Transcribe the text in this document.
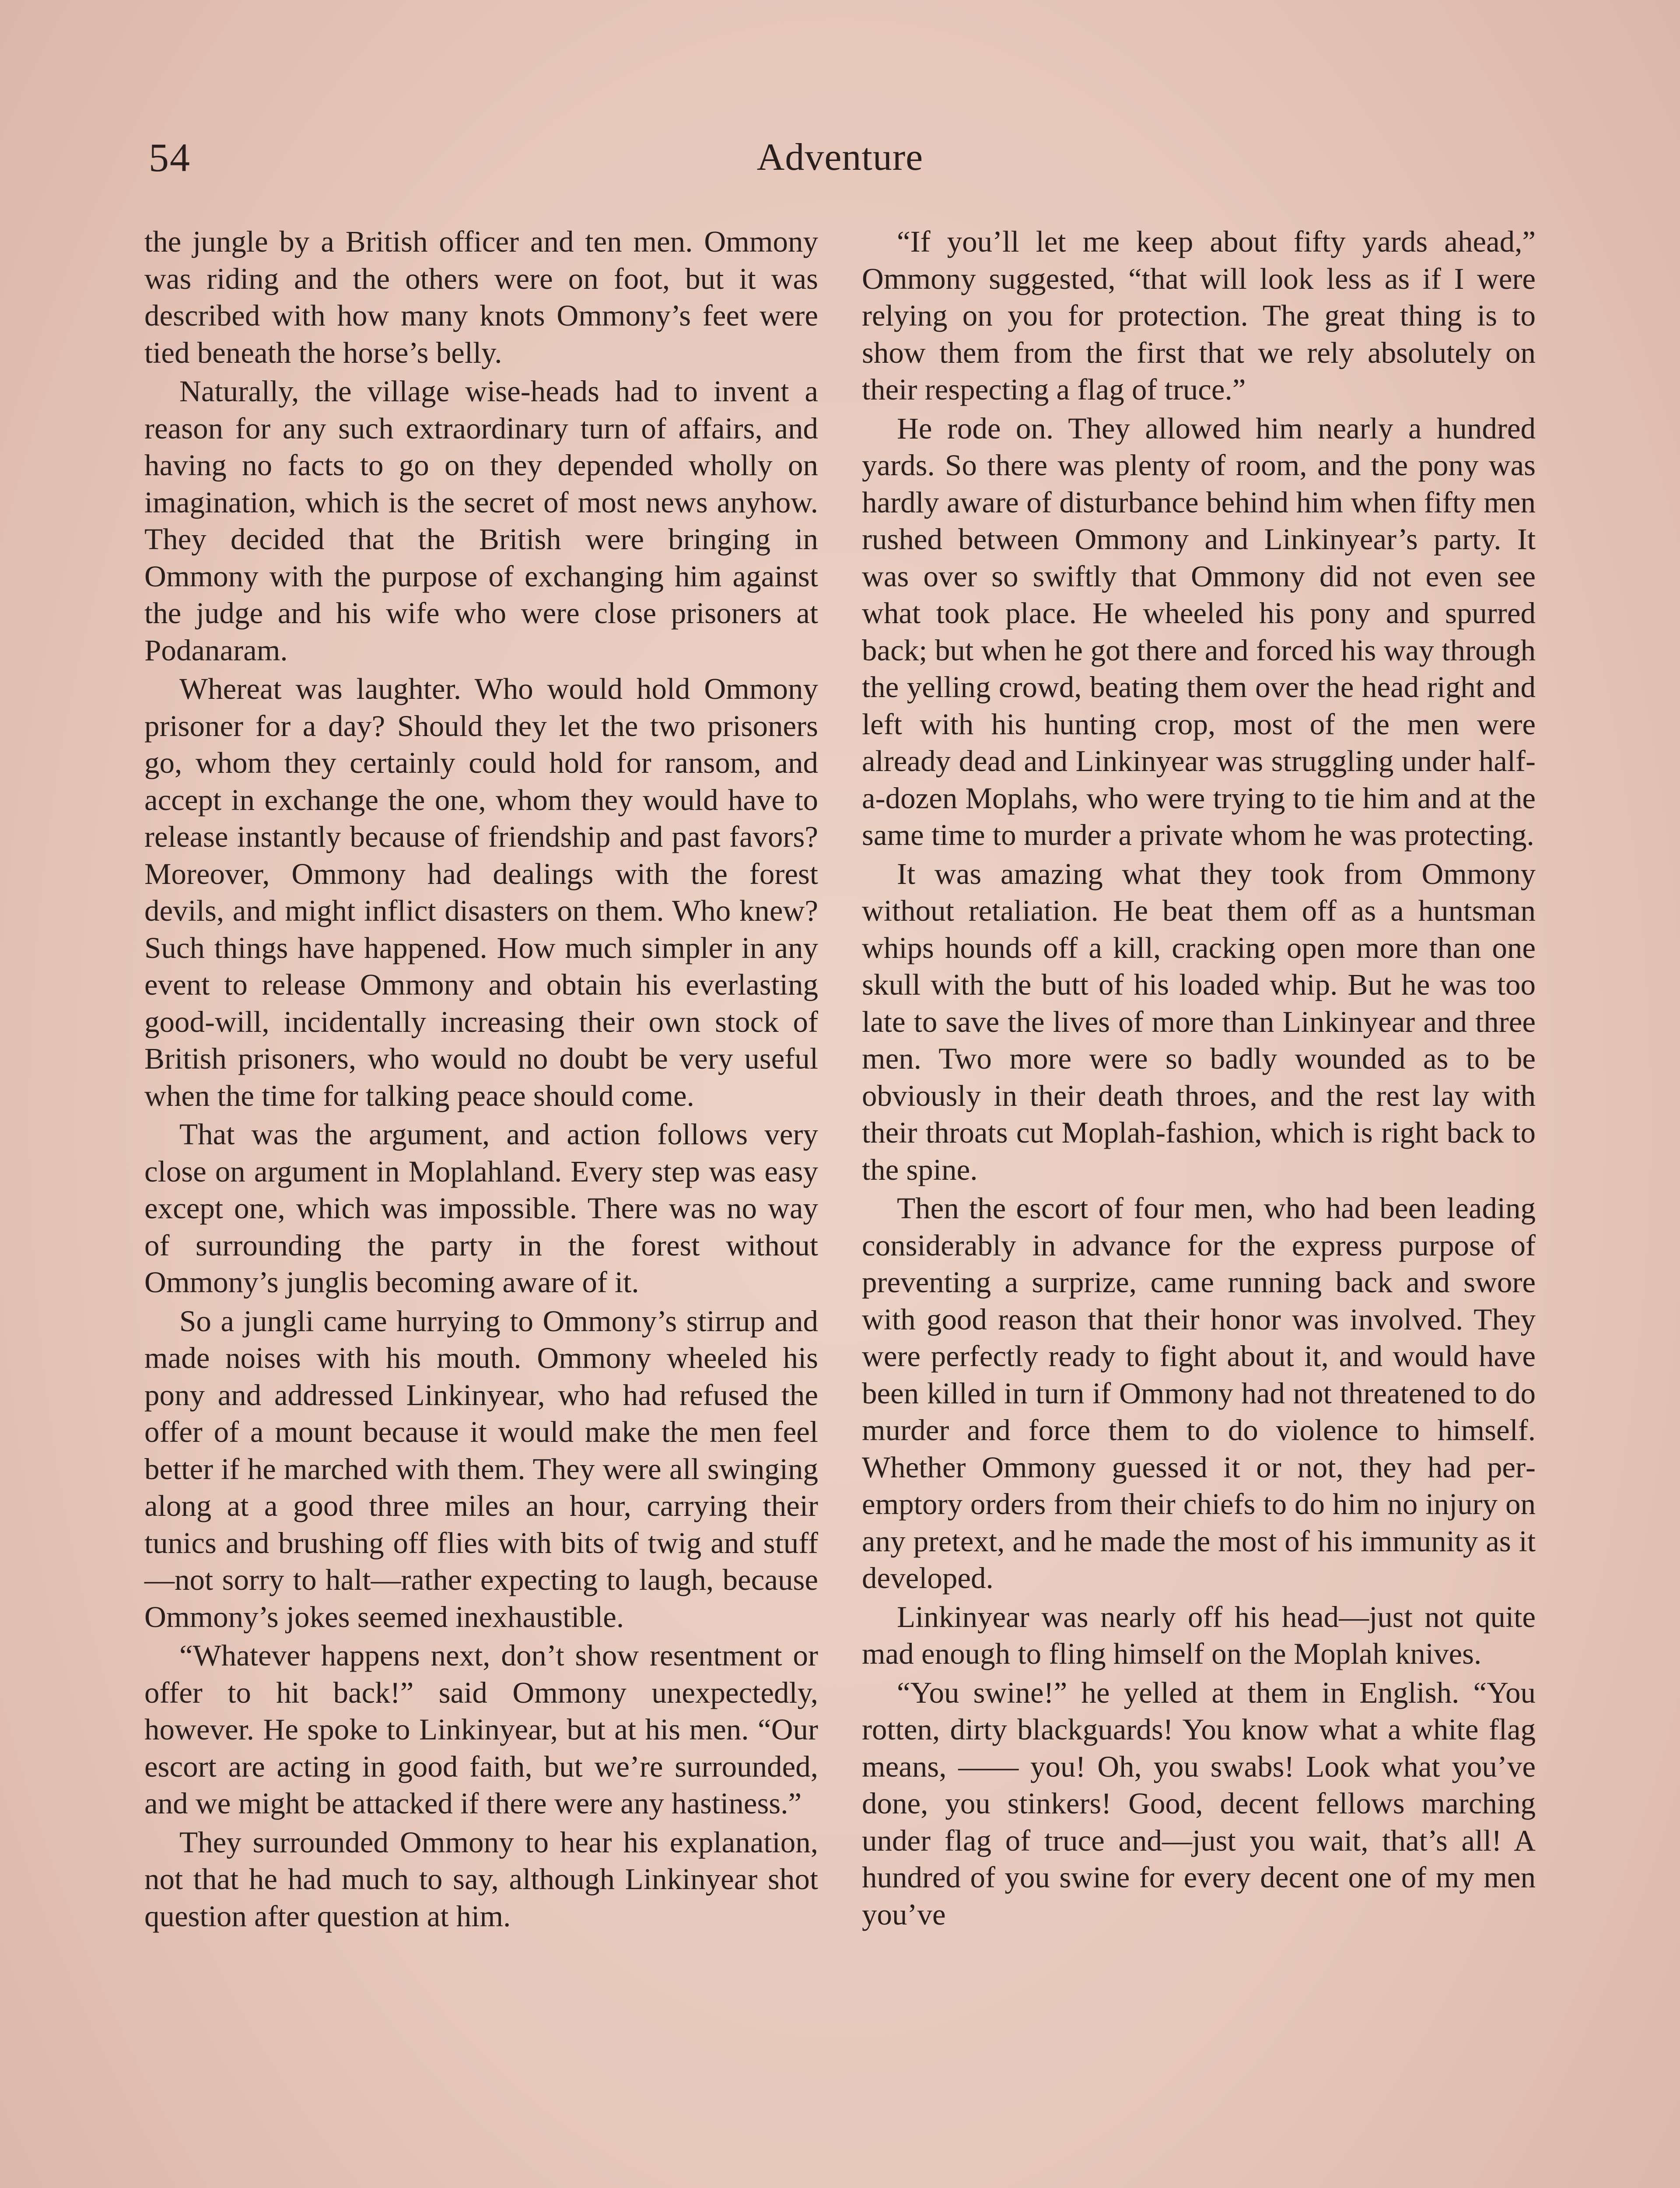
54	Adventure

the jungle by a British officer and ten men. Ommony was riding and the others were on foot, but it was described with how many knots Ommony’s feet were tied beneath the horse’s belly.

Naturally, the village wise-heads had to invent a reason for any such extraordinary turn of affairs, and having no facts to go on they depended wholly on imagination, which is the secret of most news anyhow. They decided that the British were bringing in Ommony with the purpose of exchanging him against the judge and his wife who were close prisoners at Podanaram.

Whereat was laughter. Who would hold Ommony prisoner for a day? Should they let the two prisoners go, whom they certainly could hold for ransom, and accept in exchange the one, whom they would have to release instantly because of friendship and past favors? Moreover, Ommony had dealings with the forest devils, and might inflict disasters on them. Who knew? Such things have happened. How much simpler in any event to release Ommony and obtain his everlasting good-will, incidentally increasing their own stock of British prisoners, who would no doubt be very useful when the time for talking peace should come.

That was the argument, and action follows very close on argument in Moplahland. Every step was easy except one, which was impossible. There was no way of surrounding the party in the forest without Ommony’s junglis becoming aware of it.

So a jungli came hurrying to Ommony’s stirrup and made noises with his mouth. Ommony wheeled his pony and addressed Linkinyear, who had refused the offer of a mount because it would make the men feel better if he marched with them. They were all swinging along at a good three miles an hour, carrying their tunics and brushing off flies with bits of twig and stuff—not sorry to halt—rather expecting to laugh, because Ommony’s jokes seemed inexhaustible.

“Whatever happens next, don’t show resentment or offer to hit back!” said Ommony unexpectedly, however. He spoke to Linkinyear, but at his men. “Our escort are acting in good faith, but we’re surrounded, and we might be attacked if there were any hastiness.”

They surrounded Ommony to hear his explanation, not that he had much to say, although Linkinyear shot question after question at him.

“If you’ll let me keep about fifty yards ahead,” Ommony suggested, “that will look less as if I were relying on you for protection. The great thing is to show them from the first that we rely absolutely on their respecting a flag of truce.”

He rode on. They allowed him nearly a hundred yards. So there was plenty of room, and the pony was hardly aware of disturbance behind him when fifty men rushed between Ommony and Linkinyear’s party. It was over so swiftly that Ommony did not even see what took place. He wheeled his pony and spurred back; but when he got there and forced his way through the yelling crowd, beating them over the head right and left with his hunting crop, most of the men were already dead and Linkinyear was struggling under half-a-dozen Moplahs, who were trying to tie him and at the same time to murder a private whom he was protecting.

It was amazing what they took from Ommony without retaliation. He beat them off as a huntsman whips hounds off a kill, cracking open more than one skull with the butt of his loaded whip. But he was too late to save the lives of more than Linkinyear and three men. Two more were so badly wounded as to be obviously in their death throes, and the rest lay with their throats cut Moplah-fashion, which is right back to the spine.

Then the escort of four men, who had been leading considerably in advance for the express purpose of preventing a surprize, came running back and swore with good reason that their honor was involved. They were perfectly ready to fight about it, and would have been killed in turn if Ommony had not threatened to do murder and force them to do violence to himself. Whether Ommony guessed it or not, they had peremptory orders from their chiefs to do him no injury on any pretext, and he made the most of his immunity as it developed.

Linkinyear was nearly off his head—just not quite mad enough to fling himself on the Moplah knives.

“You swine!” he yelled at them in English. “You rotten, dirty blackguards! You know what a white flag means, —— you! Oh, you swabs! Look what you’ve done, you stinkers! Good, decent fellows marching under flag of truce and—just you wait, that’s all! A hundred of you swine for every decent one of my men you’ve
